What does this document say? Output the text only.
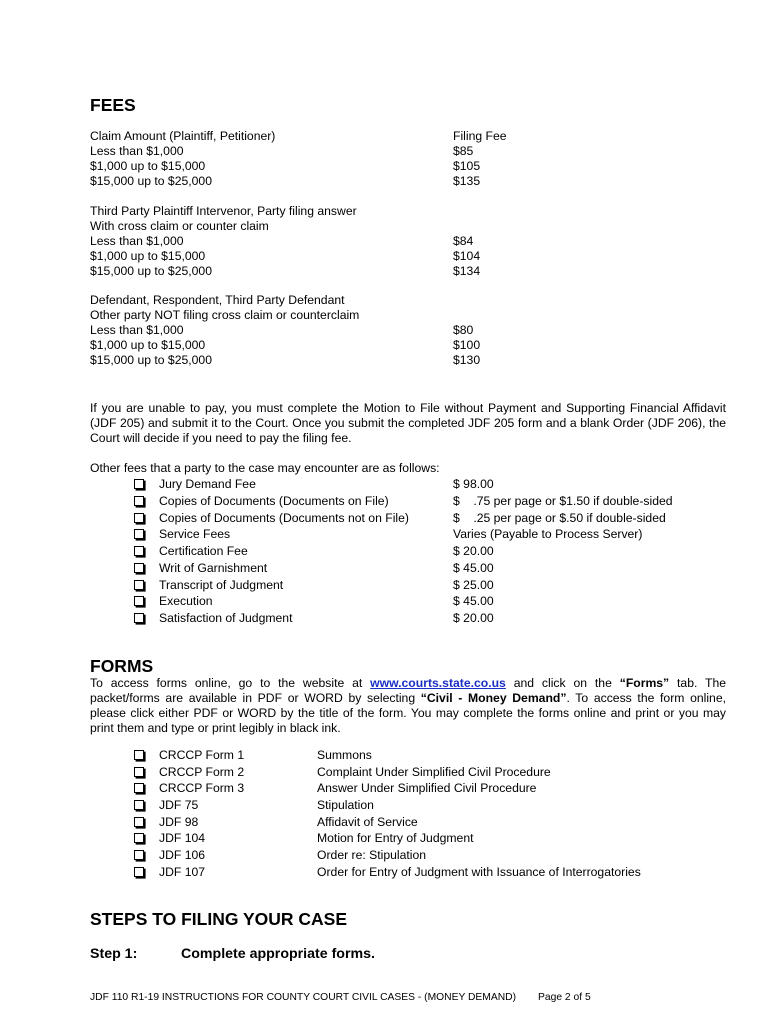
FEES
Claim Amount (Plaintiff, Petitioner)	Filing Fee
Less than $1,000	$85
$1,000 up to $15,000	$105
$15,000 up to $25,000	$135
Third Party Plaintiff Intervenor, Party filing answer
With cross claim or counter claim
Less than $1,000	$84
$1,000 up to $15,000	$104
$15,000 up to $25,000	$134
Defendant, Respondent, Third Party Defendant
Other party NOT filing cross claim or counterclaim
Less than $1,000	$80
$1,000 up to $15,000	$100
$15,000 up to $25,000	$130
If you are unable to pay, you must complete the Motion to File without Payment and Supporting Financial Affidavit (JDF 205) and submit it to the Court. Once you submit the completed JDF 205 form and a blank Order (JDF 206), the Court will decide if you need to pay the filing fee.
Other fees that a party to the case may encounter are as follows:
Jury Demand Fee	$ 98.00
Copies of Documents (Documents on File)	$    .75 per page or $1.50 if double-sided
Copies of Documents (Documents not on File)	$    .25 per page or $.50 if double-sided
Service Fees	Varies (Payable to Process Server)
Certification Fee	$ 20.00
Writ of Garnishment	$ 45.00
Transcript of Judgment	$ 25.00
Execution	$ 45.00
Satisfaction of Judgment	$ 20.00
FORMS
To access forms online, go to the website at www.courts.state.co.us and click on the “Forms” tab. The packet/forms are available in PDF or WORD by selecting “Civil - Money Demand”. To access the form online, please click either PDF or WORD by the title of the form. You may complete the forms online and print or you may print them and type or print legibly in black ink.
CRCCP Form 1	Summons
CRCCP Form 2	Complaint Under Simplified Civil Procedure
CRCCP Form 3	Answer Under Simplified Civil Procedure
JDF 75	Stipulation
JDF 98	Affidavit of Service
JDF 104	Motion for Entry of Judgment
JDF 106	Order re: Stipulation
JDF 107	Order for Entry of Judgment with Issuance of Interrogatories
STEPS TO FILING YOUR CASE
Step 1:	Complete appropriate forms.
JDF 110 R1-19 INSTRUCTIONS FOR COUNTY COURT CIVIL CASES - (MONEY DEMAND) Page 2 of 5
